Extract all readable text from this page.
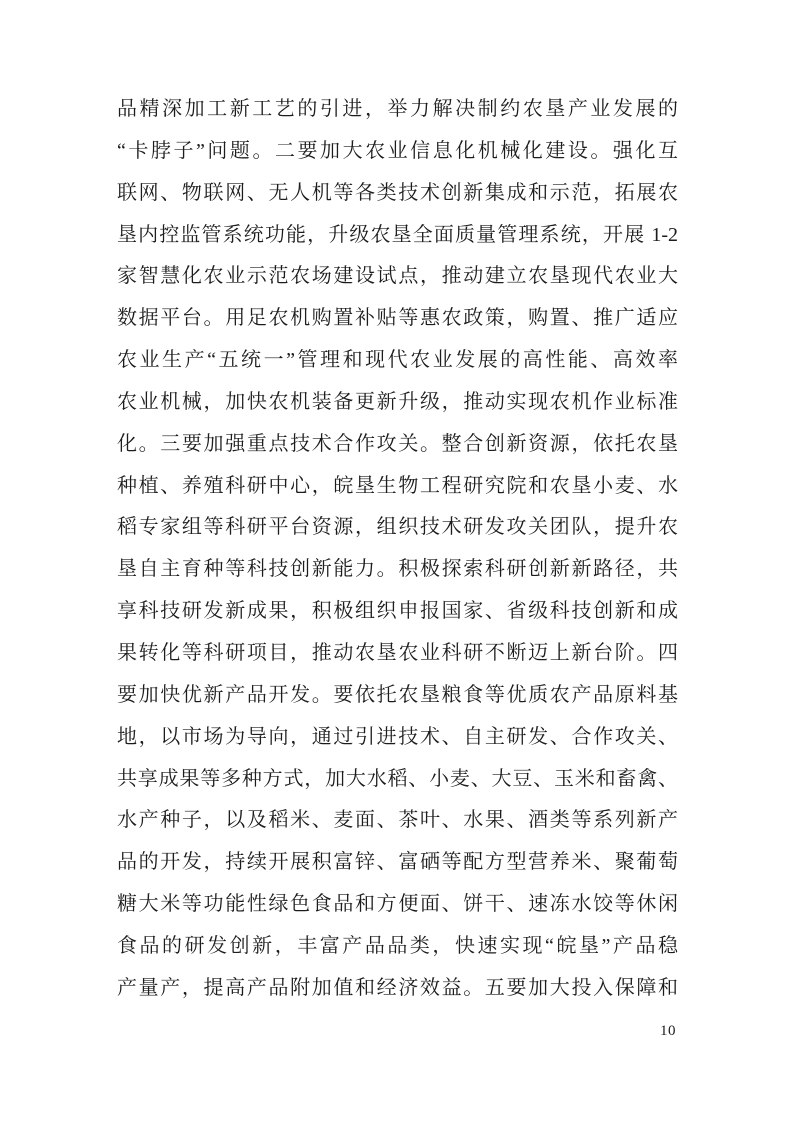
品精深加工新工艺的引进，举力解决制约农垦产业发展的
“卡脖子”问题。二要加大农业信息化机械化建设。强化互
联网、物联网、无人机等各类技术创新集成和示范，拓展农
垦内控监管系统功能，升级农垦全面质量管理系统，开展 1-2
家智慧化农业示范农场建设试点，推动建立农垦现代农业大
数据平台。用足农机购置补贴等惠农政策，购置、推广适应
农业生产“五统一”管理和现代农业发展的高性能、高效率
农业机械，加快农机装备更新升级，推动实现农机作业标准
化。三要加强重点技术合作攻关。整合创新资源，依托农垦
种植、养殖科研中心，皖垦生物工程研究院和农垦小麦、水
稻专家组等科研平台资源，组织技术研发攻关团队，提升农
垦自主育种等科技创新能力。积极探索科研创新新路径，共
享科技研发新成果，积极组织申报国家、省级科技创新和成
果转化等科研项目，推动农垦农业科研不断迈上新台阶。四
要加快优新产品开发。要依托农垦粮食等优质农产品原料基
地，以市场为导向，通过引进技术、自主研发、合作攻关、
共享成果等多种方式，加大水稻、小麦、大豆、玉米和畜禽、
水产种子，以及稻米、麦面、茶叶、水果、酒类等系列新产
品的开发，持续开展积富锌、富硒等配方型营养米、聚葡萄
糖大米等功能性绿色食品和方便面、饼干、速冻水饺等休闲
食品的研发创新，丰富产品品类，快速实现“皖垦”产品稳
产量产，提高产品附加值和经济效益。五要加大投入保障和
10
